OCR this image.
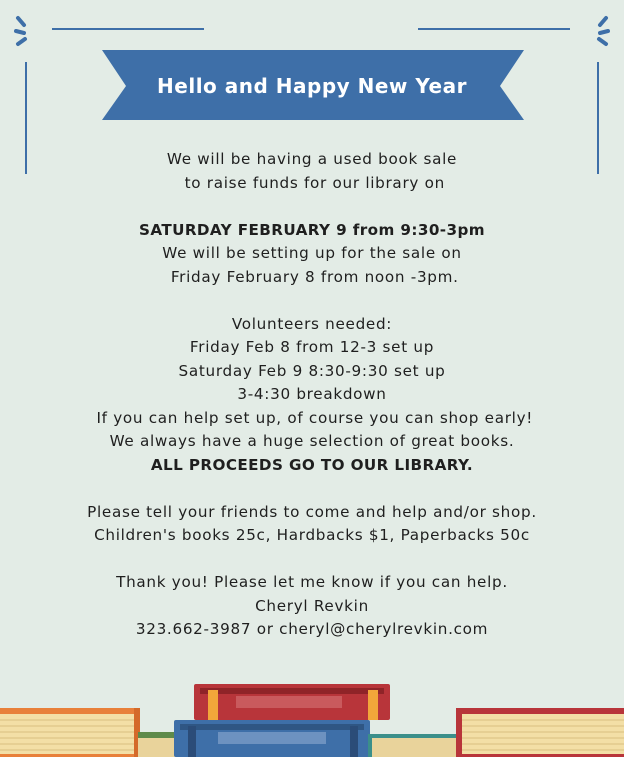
Hello and Happy New Year
We will be having a used book sale
to raise funds for our library on
SATURDAY FEBRUARY 9 from 9:30-3pm
We will be setting up for the sale on
Friday February 8 from noon -3pm.
Volunteers needed:
Friday Feb 8 from 12-3 set up
Saturday Feb 9 8:30-9:30 set up
3-4:30 breakdown
If you can help set up, of course you can shop early!
We always have a huge selection of great books.
ALL PROCEEDS GO TO OUR LIBRARY.
Please tell your friends to come and help and/or shop.
Children's books 25c, Hardbacks $1, Paperbacks 50c
Thank you! Please let me know if you can help.
Cheryl Revkin
323.662-3987 or cheryl@cherylrevkin.com
